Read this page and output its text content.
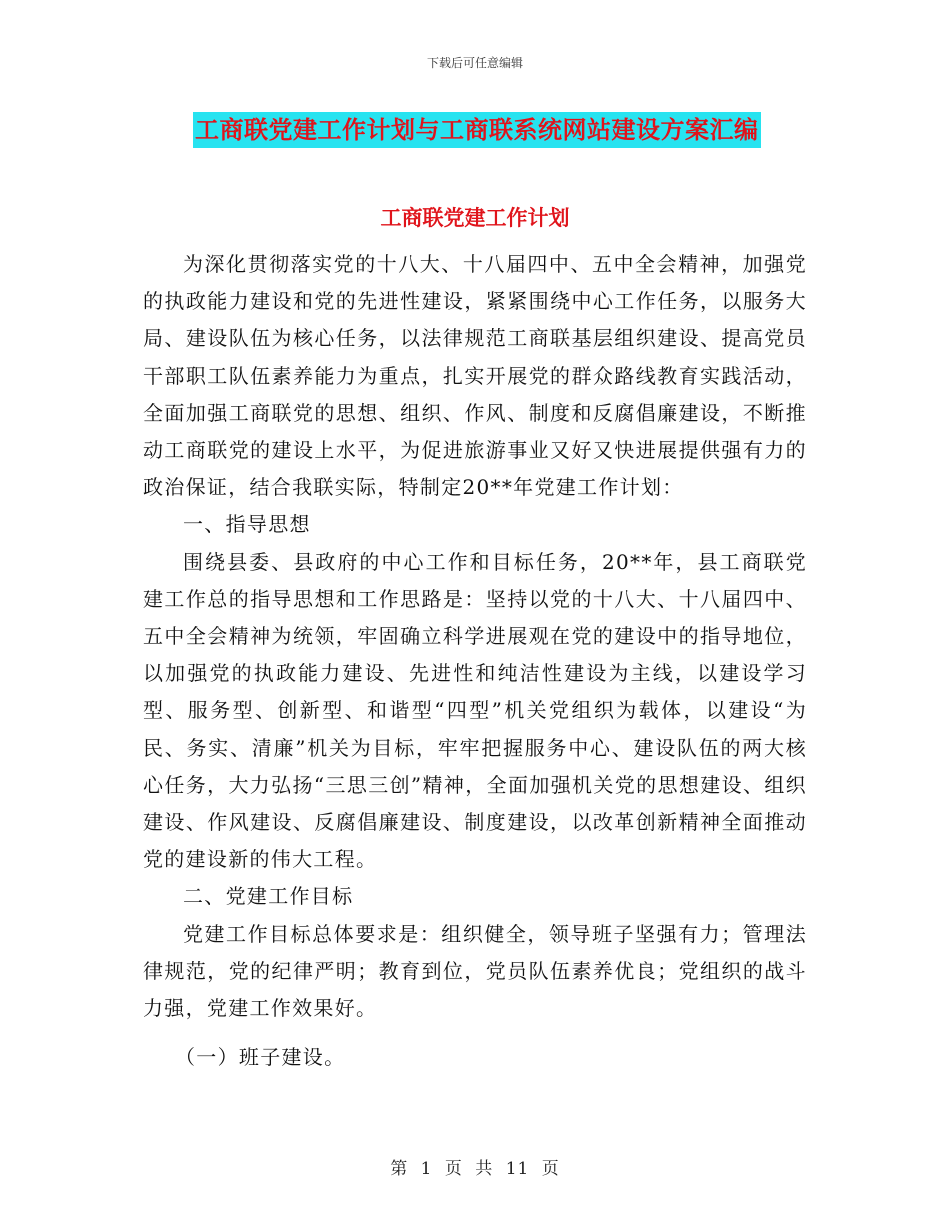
下载后可任意编辑
工商联党建工作计划与工商联系统网站建设方案汇编
工商联党建工作计划

为深化贯彻落实党的十八大、十八届四中、五中全会精神，加强党的执政能力建设和党的先进性建设，紧紧围绕中心工作任务，以服务大局、建设队伍为核心任务，以法律规范工商联基层组织建设、提高党员干部职工队伍素养能力为重点，扎实开展党的群众路线教育实践活动，全面加强工商联党的思想、组织、作风、制度和反腐倡廉建设，不断推动工商联党的建设上水平，为促进旅游事业又好又快进展提供强有力的政治保证，结合我联实际，特制定20**年党建工作计划：

一、指导思想

围绕县委、县政府的中心工作和目标任务，20**年，县工商联党建工作总的指导思想和工作思路是：坚持以党的十八大、十八届四中、五中全会精神为统领，牢固确立科学进展观在党的建设中的指导地位，以加强党的执政能力建设、先进性和纯洁性建设为主线，以建设学习型、服务型、创新型、和谐型“四型”机关党组织为载体，以建设“为民、务实、清廉”机关为目标，牢牢把握服务中心、建设队伍的两大核心任务，大力弘扬“三思三创”精神，全面加强机关党的思想建设、组织建设、作风建设、反腐倡廉建设、制度建设，以改革创新精神全面推动党的建设新的伟大工程。

二、党建工作目标

党建工作目标总体要求是：组织健全，领导班子坚强有力；管理法律规范，党的纪律严明；教育到位，党员队伍素养优良；党组织的战斗力强，党建工作效果好。

（一）班子建设。

第 1 页 共 11 页
